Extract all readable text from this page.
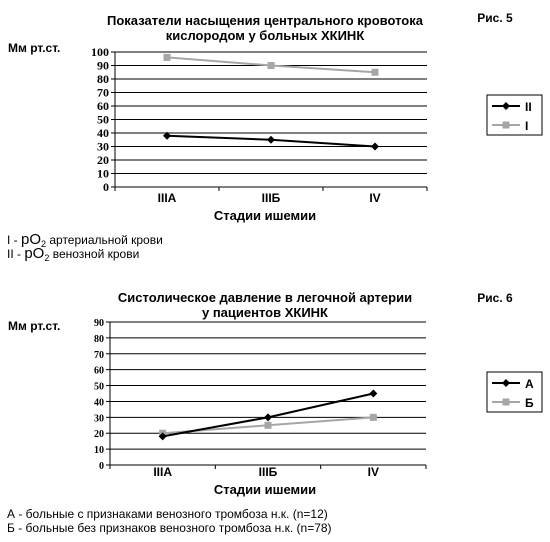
Показатели насыщения центрального кровотока
кислородом у больных ХКИНК
Рис. 5
Мм рт.ст.
0
10
20
30
40
50
60
70
80
90
100
IIIA	IIIБ	IV
Стадии ишемии
II
I
I - $pO_2$ артериальной крови
II - $pO_2$ венозной крови
Систолическое давление в легочной артерии
у пациентов ХКИНК
Рис. 6
Мм рт.ст.
0
10
20
30
40
50
60
70
80
90
IIIA	IIIБ	IV
Стадии ишемии
А
Б
А - больные с признаками венозного тромбоза н.к. (n=12)
Б - больные без признаков венозного тромбоза н.к. (n=78)
